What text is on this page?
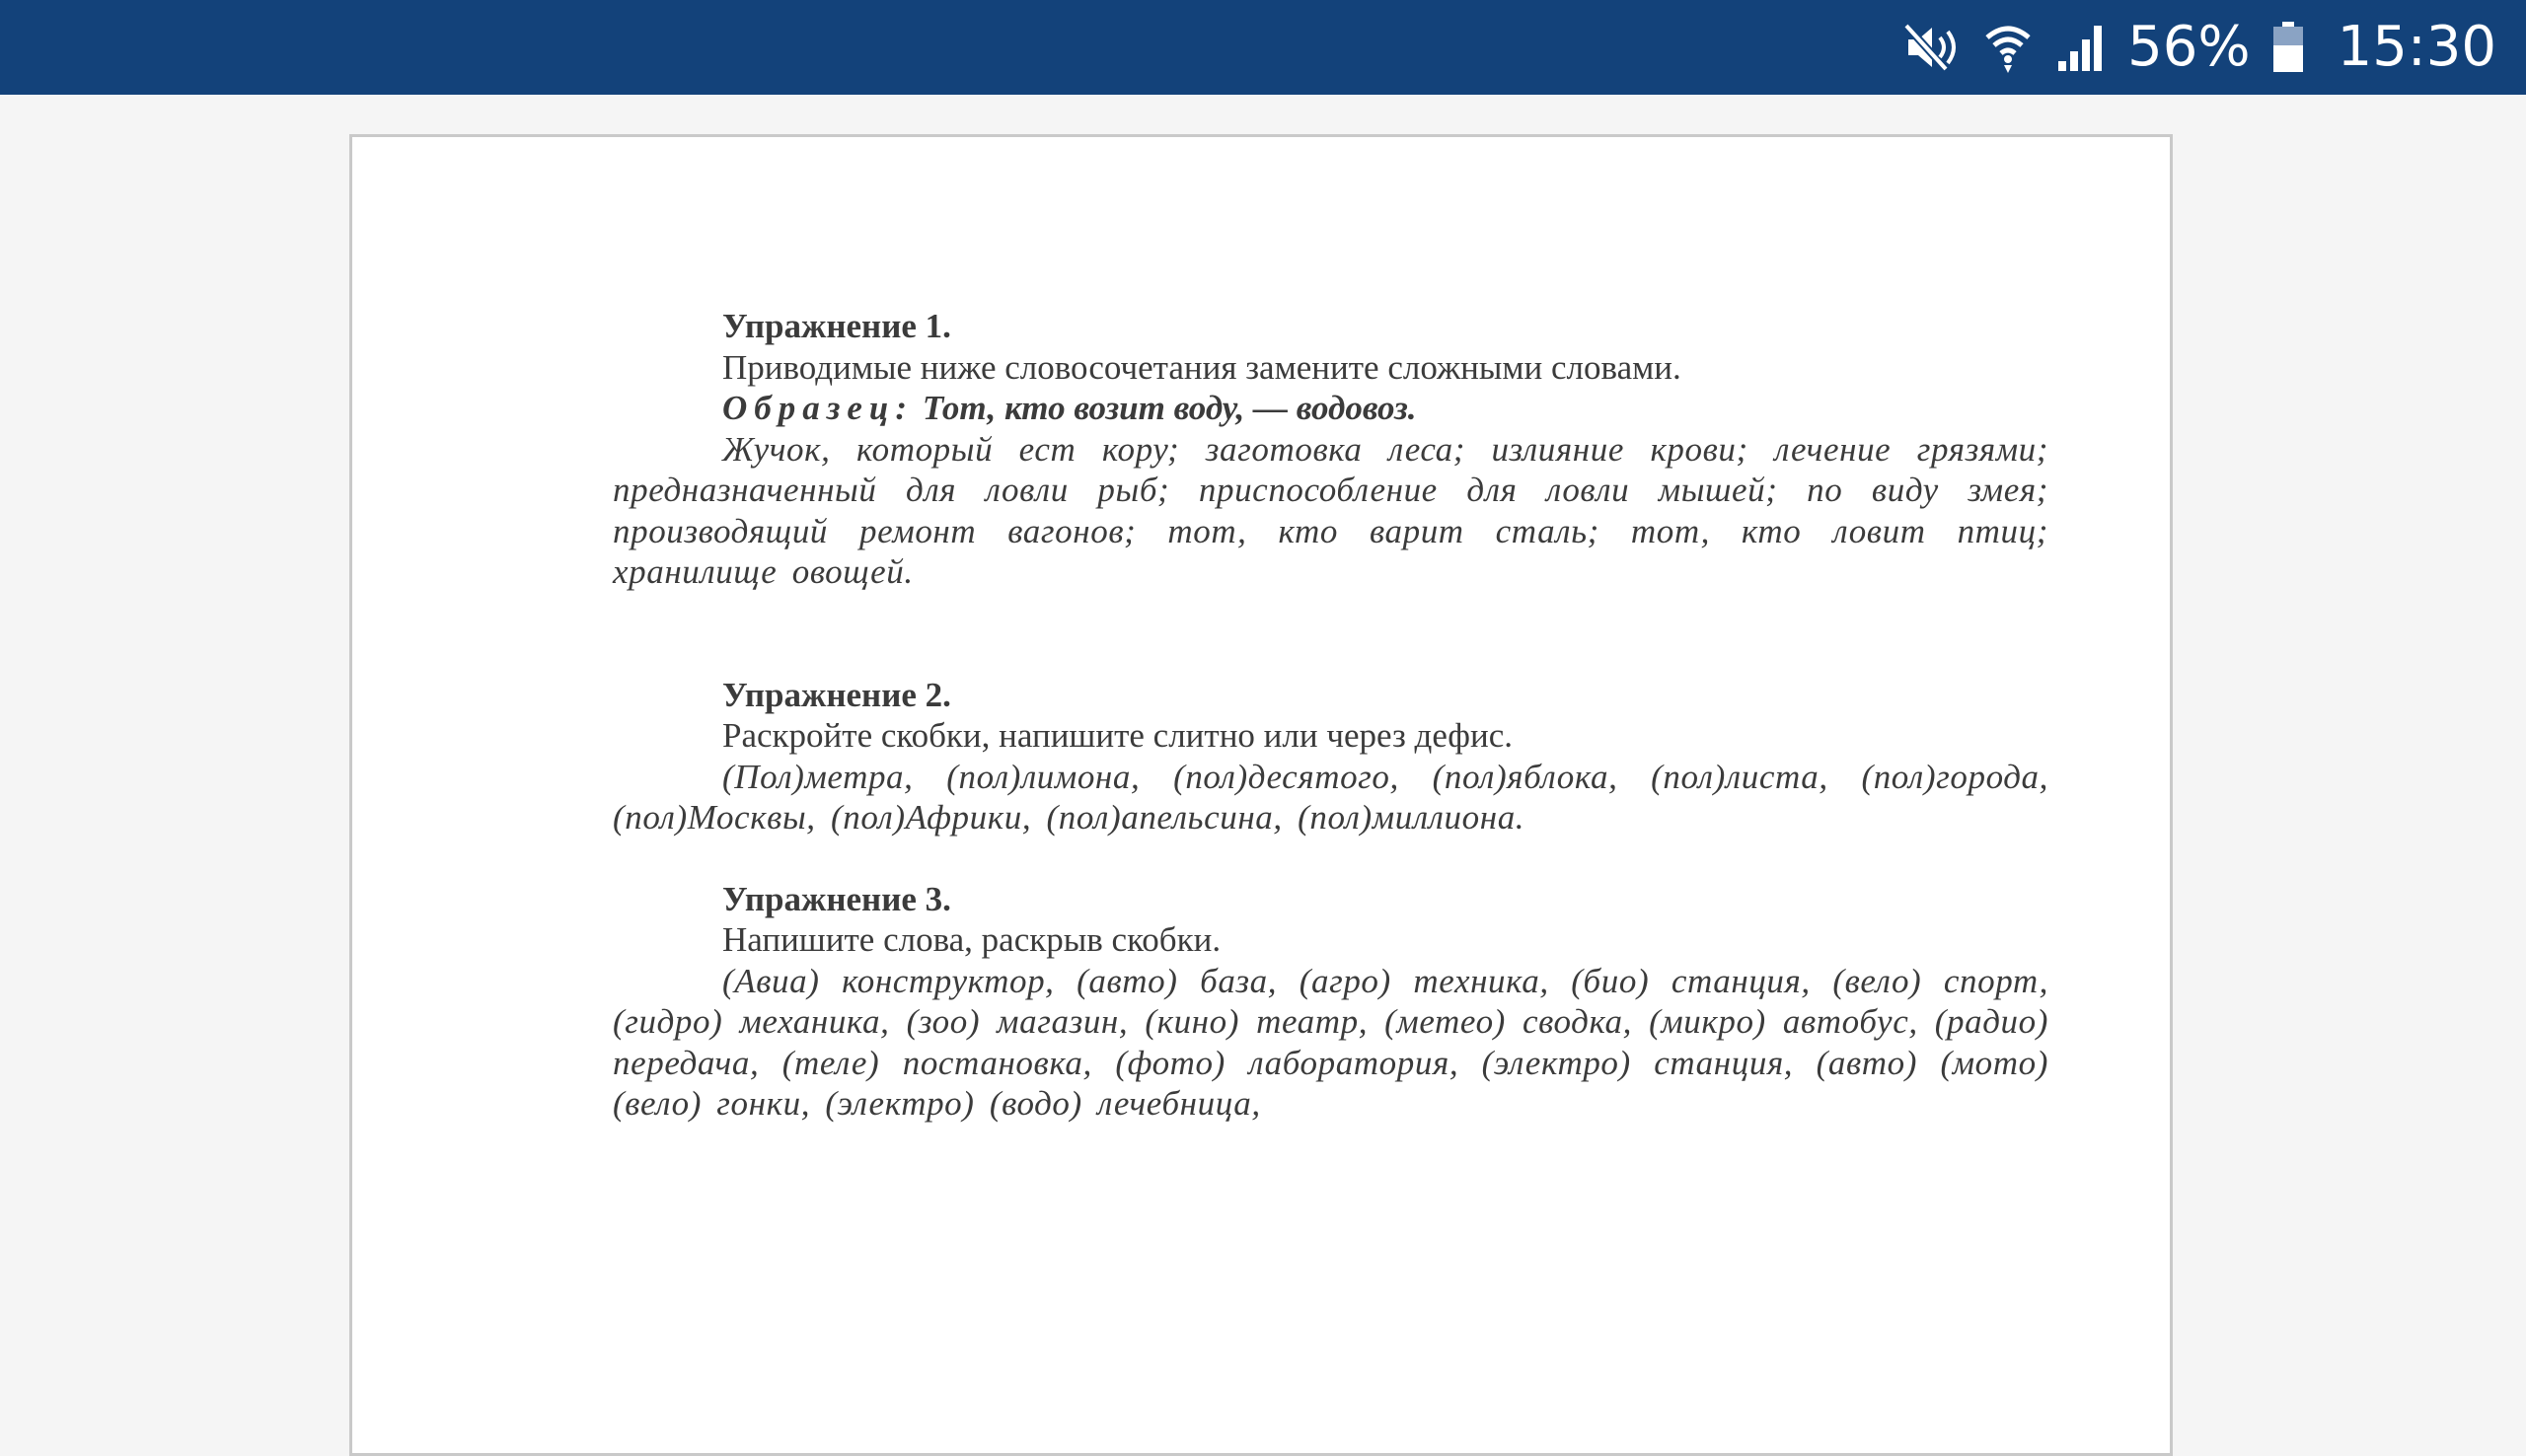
56% 15:30
Упражнение 1.
Приводимые ниже словосочетания замените сложными словами.
Образец: Тот, кто возит воду, — водовоз.
Жучок, который ест кору; заготовка леса; излияние крови; лечение грязями; предназначенный для ловли рыб; приспособление для ловли мышей; по виду змея; производящий ремонт вагонов; тот, кто варит сталь; тот, кто ловит птиц; хранилище овощей.
Упражнение 2.
Раскройте скобки, напишите слитно или через дефис.
(Пол)метра, (пол)лимона, (пол)десятого, (пол)яблока, (пол)листа, (пол)города, (пол)Москвы, (пол)Африки, (пол)апельсина, (пол)миллиона.
Упражнение 3.
Напишите слова, раскрыв скобки.
(Авиа) конструктор, (авто) база, (агро) техника, (био) станция, (вело) спорт, (гидро) механика, (зоо) магазин, (кино) театр, (метео) сводка, (микро) автобус, (радио) передача, (теле) постановка, (фото) лаборатория, (электро) станция, (авто) (мото) (вело) гонки, (электро) (водо) лечебница,
